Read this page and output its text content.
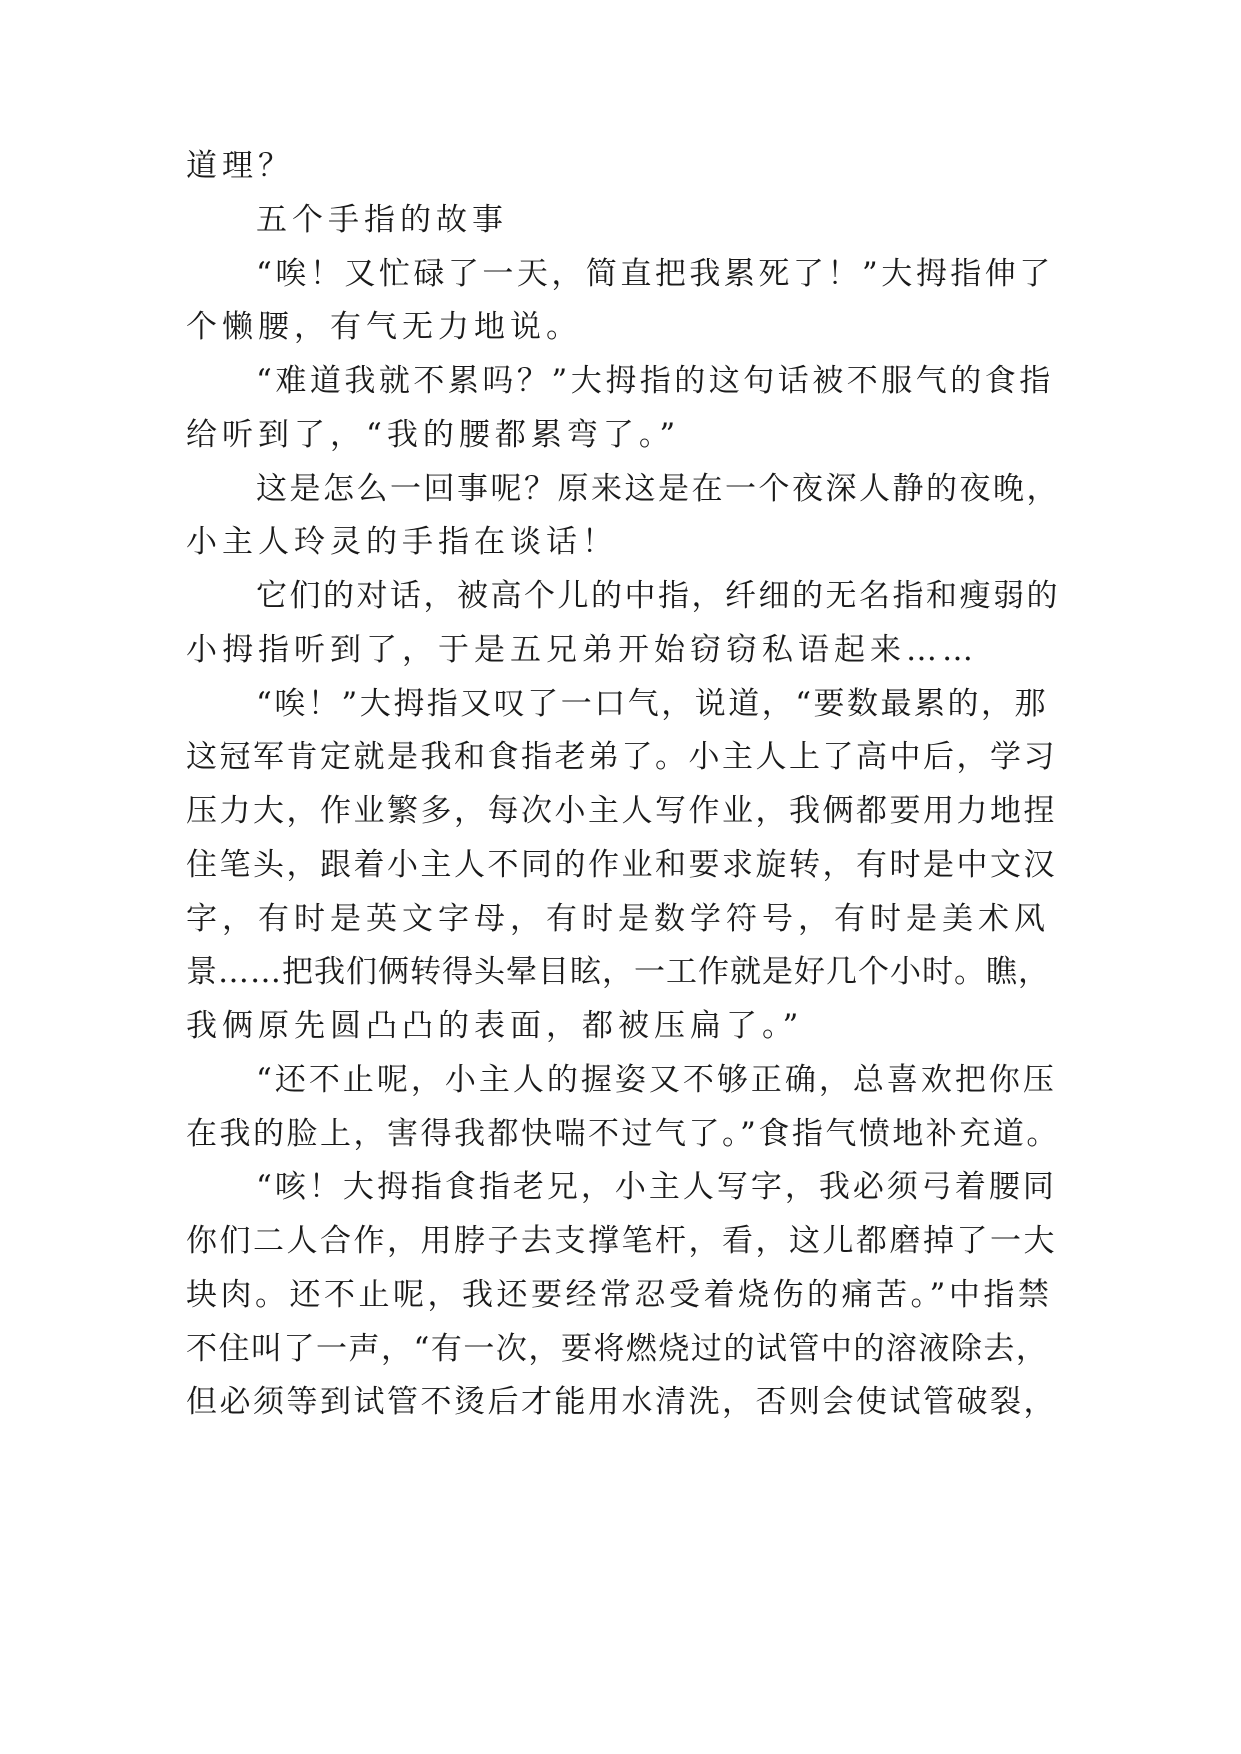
道理？
五个手指的故事
“唉！又忙碌了一天，简直把我累死了！”大拇指伸了
个懒腰，有气无力地说。
“难道我就不累吗？”大拇指的这句话被不服气的食指
给听到了，“我的腰都累弯了。”
这是怎么一回事呢？原来这是在一个夜深人静的夜晚，
小主人玲灵的手指在谈话！
它们的对话，被高个儿的中指，纤细的无名指和瘦弱的
小拇指听到了，于是五兄弟开始窃窃私语起来……
“唉！”大拇指又叹了一口气，说道，“要数最累的，那
这冠军肯定就是我和食指老弟了。小主人上了高中后，学习
压力大，作业繁多，每次小主人写作业，我俩都要用力地捏
住笔头，跟着小主人不同的作业和要求旋转，有时是中文汉
字，有时是英文字母，有时是数学符号，有时是美术风
景……把我们俩转得头晕目眩，一工作就是好几个小时。瞧，
我俩原先圆凸凸的表面，都被压扁了。”
“还不止呢，小主人的握姿又不够正确，总喜欢把你压
在我的脸上，害得我都快喘不过气了。”食指气愤地补充道。
“咳！大拇指食指老兄，小主人写字，我必须弓着腰同
你们二人合作，用脖子去支撑笔杆，看，这儿都磨掉了一大
块肉。还不止呢，我还要经常忍受着烧伤的痛苦。”中指禁
不住叫了一声，“有一次，要将燃烧过的试管中的溶液除去，
但必须等到试管不烫后才能用水清洗，否则会使试管破裂，
